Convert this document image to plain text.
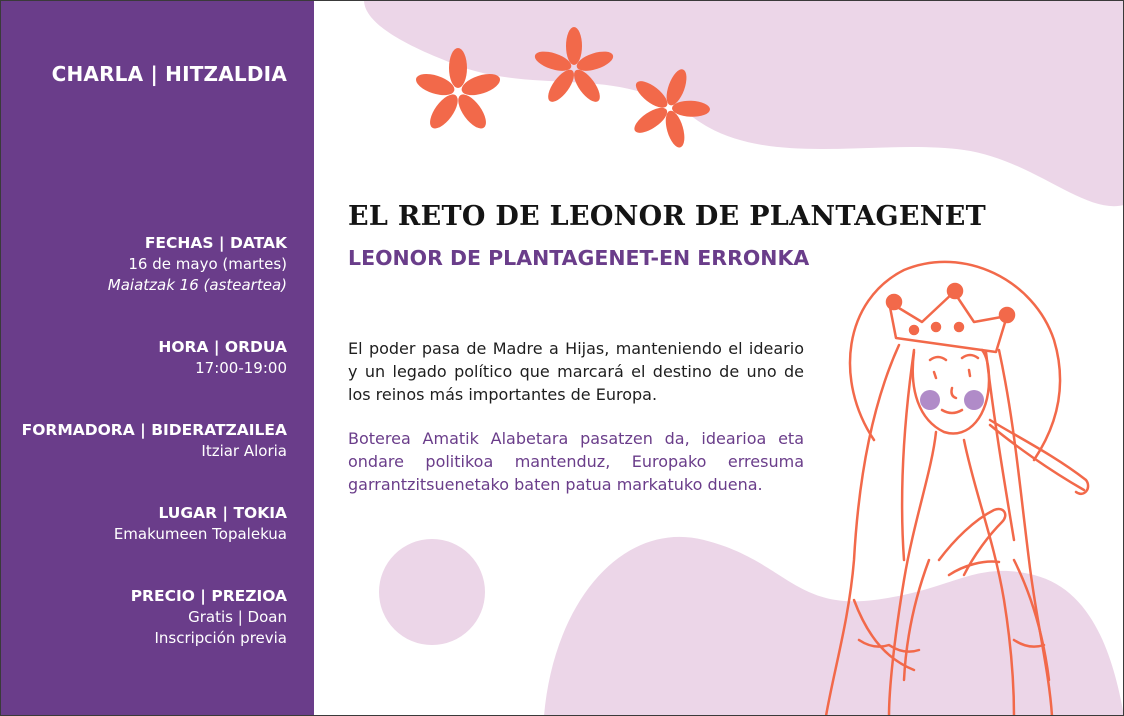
CHARLA | HITZALDIA
FECHAS | DATAK
16 de mayo (martes)
Maiatzak 16 (asteartea)
HORA | ORDUA
17:00-19:00
FORMADORA | BIDERATZAILEA
Itziar Aloria
LUGAR | TOKIA
Emakumeen Topalekua
PRECIO | PREZIOA
Gratis | Doan
Inscripción previa
EL RETO DE LEONOR DE PLANTAGENET
LEONOR DE PLANTAGENET-EN ERRONKA
El poder pasa de Madre a Hijas, manteniendo el ideario y un legado político que marcará el destino de uno de los reinos más importantes de Europa.
Boterea Amatik Alabetara pasatzen da, idearioa eta ondare politikoa mantenduz, Europako erresuma garrantzitsuenetako baten patua markatuko duena.
